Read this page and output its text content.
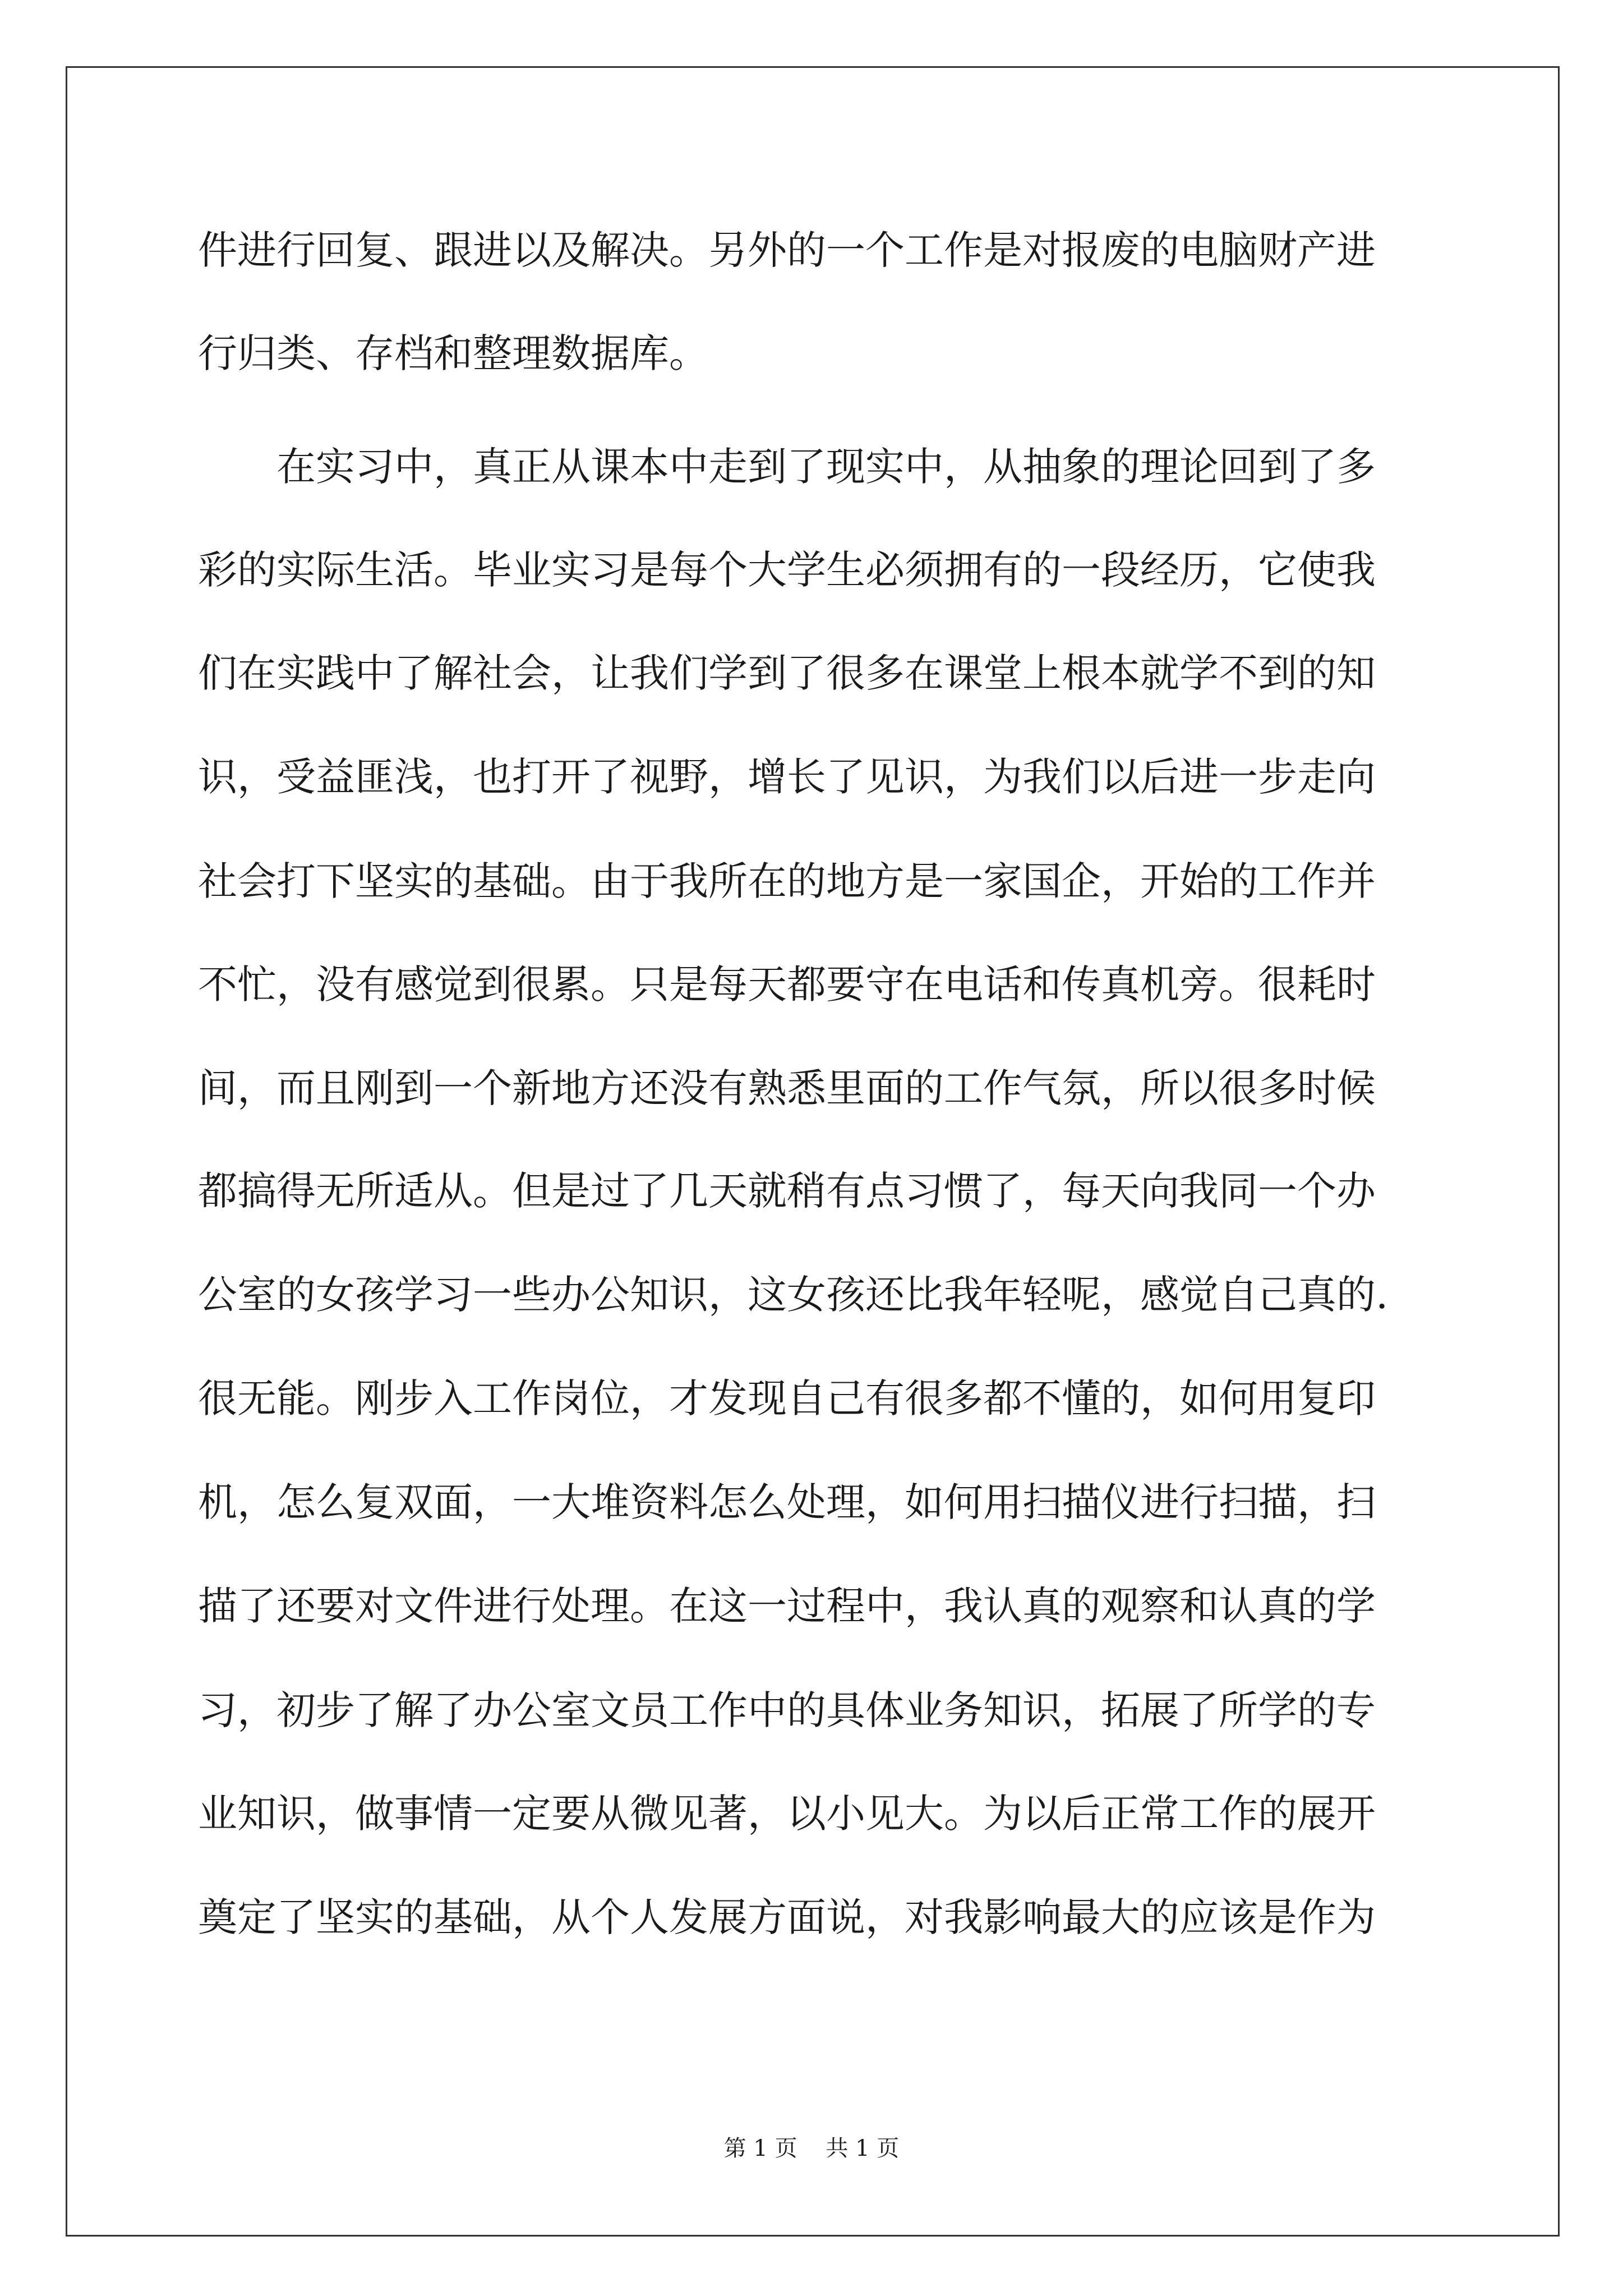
件进行回复、跟进以及解决。另外的一个工作是对报废的电脑财产进
行归类、存档和整理数据库。
在实习中，真正从课本中走到了现实中，从抽象的理论回到了多
彩的实际生活。毕业实习是每个大学生必须拥有的一段经历，它使我
们在实践中了解社会，让我们学到了很多在课堂上根本就学不到的知
识，受益匪浅，也打开了视野，增长了见识，为我们以后进一步走向
社会打下坚实的基础。由于我所在的地方是一家国企，开始的工作并
不忙，没有感觉到很累。只是每天都要守在电话和传真机旁。很耗时
间，而且刚到一个新地方还没有熟悉里面的工作气氛，所以很多时候
都搞得无所适从。但是过了几天就稍有点习惯了，每天向我同一个办
公室的女孩学习一些办公知识，这女孩还比我年轻呢，感觉自己真的.
很无能。刚步入工作岗位，才发现自己有很多都不懂的，如何用复印
机，怎么复双面，一大堆资料怎么处理，如何用扫描仪进行扫描，扫
描了还要对文件进行处理。在这一过程中，我认真的观察和认真的学
习，初步了解了办公室文员工作中的具体业务知识，拓展了所学的专
业知识，做事情一定要从微见著，以小见大。为以后正常工作的展开
奠定了坚实的基础，从个人发展方面说，对我影响最大的应该是作为
第 1 页    共 1 页
